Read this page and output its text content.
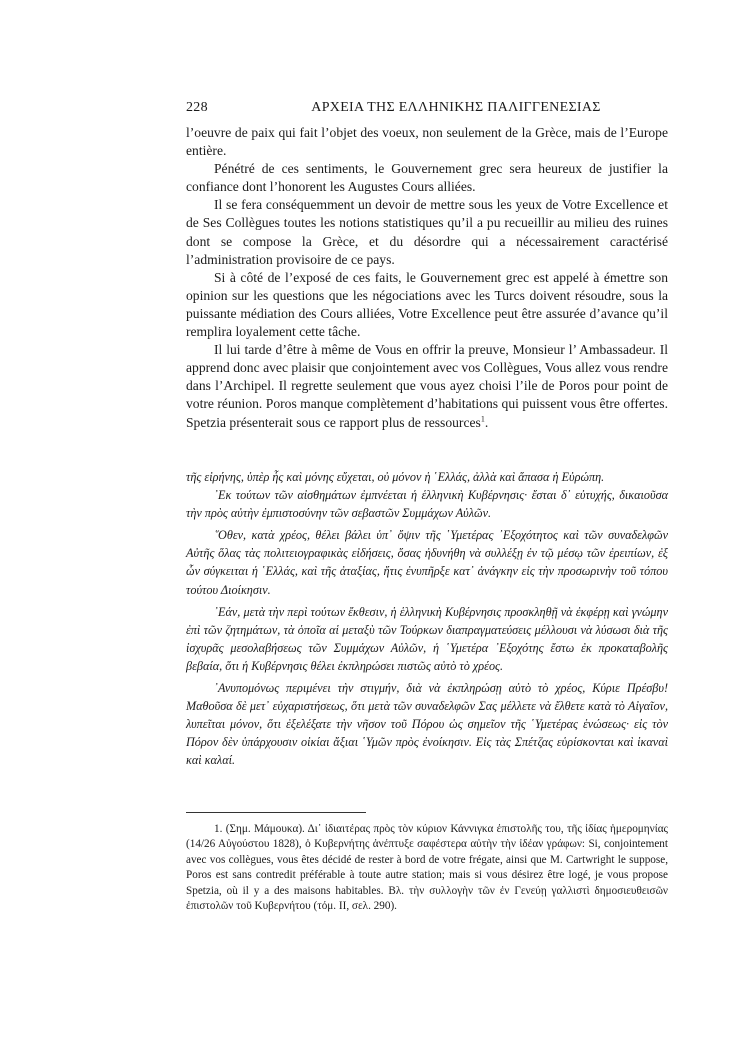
228	ΑΡΧΕΙΑ ΤΗΣ ΕΛΛΗΝΙΚΗΣ ΠΑΛΙΓΓΕΝΕΣΙΑΣ

l’oeuvre de paix qui fait l’objet des voeux, non seulement de la Grèce, mais de l’Europe entière.

Pénétré de ces sentiments, le Gouvernement grec sera heureux de justifier la confiance dont l’honorent les Augustes Cours alliées.

Il se fera conséquemment un devoir de mettre sous les yeux de Votre Excellence et de Ses Collègues toutes les notions statistiques qu’il a pu recueillir au milieu des ruines dont se compose la Grèce, et du désordre qui a nécessairement caractérisé l’administration provisoire de ce pays.

Si à côté de l’exposé de ces faits, le Gouvernement grec est appelé à émettre son opinion sur les questions que les négociations avec les Turcs doivent résoudre, sous la puissante médiation des Cours alliées, Votre Excellence peut être assurée d’avance qu’il remplira loyalement cette tâche.

Il lui tarde d’être à même de Vous en offrir la preuve, Monsieur l’ Ambassadeur. Il apprend donc avec plaisir que conjointement avec vos Collègues, Vous allez vous rendre dans l’Archipel. Il regrette seulement que vous ayez choisi l’ile de Poros pour point de votre réunion. Poros manque complètement d’habitations qui puissent vous être offertes. Spetzia présenterait sous ce rapport plus de ressources$^1$.

τῆς εἰρήνης, ὑπὲρ ἧς καὶ μόνης εὔχεται, οὐ μόνον ἡ ῾Ελλάς, ἀλλὰ καὶ ἅπασα ἡ Εὐρώπη.

᾿Εκ τούτων τῶν αἰσθημάτων ἐμπνέεται ἡ ἑλληνικὴ Κυβέρνησις· ἔσται δ᾿ εὐτυχής, δικαιοῦσα τὴν πρὸς αὐτὴν ἐμπιστοσύνην τῶν σεβαστῶν Συμμάχων Αὐλῶν.

῞Οθεν, κατὰ χρέος, θέλει βάλει ὑπ᾿ ὄψιν τῆς ῾Υμετέρας ᾿Εξοχότητος καὶ τῶν συναδελφῶν Αὐτῆς ὅλας τὰς πολιτειογραφικὰς εἰδήσεις, ὅσας ἠδυνήθη νὰ συλλέξῃ ἐν τῷ μέσῳ τῶν ἐρειπίων, ἐξ ὧν σύγκειται ἡ ῾Ελλάς, καὶ τῆς ἀταξίας, ἥτις ἐνυπῆρξε κατ᾿ ἀνάγκην εἰς τὴν προσωρινὴν τοῦ τόπου τούτου Διοίκησιν.

᾿Εάν, μετὰ τὴν περὶ τούτων ἔκθεσιν, ἡ ἑλληνικὴ Κυβέρνησις προσκληθῇ νὰ ἐκφέρῃ καὶ γνώμην ἐπὶ τῶν ζητημάτων, τὰ ὁποῖα αἱ μεταξὺ τῶν Τούρκων διαπραγματεύσεις μέλλουσι νὰ λύσωσι διὰ τῆς ἰσχυρᾶς μεσολαβήσεως τῶν Συμμάχων Αὐλῶν, ἡ ῾Υμετέρα ᾿Εξοχότης ἔστω ἐκ προκαταβολῆς βεβαία, ὅτι ἡ Κυβέρνησις θέλει ἐκπληρώσει πιστῶς αὐτὸ τὸ χρέος.

᾿Ανυπομόνως περιμένει τὴν στιγμήν, διὰ νὰ ἐκπληρώσῃ αὐτὸ τὸ χρέος, Κύριε Πρέσβυ! Μαθοῦσα δὲ μετ᾿ εὐχαριστήσεως, ὅτι μετὰ τῶν συναδελφῶν Σας μέλλετε νὰ ἔλθετε κατὰ τὸ Αἰγαῖον, λυπεῖται μόνον, ὅτι ἐξελέξατε τὴν νῆσον τοῦ Πόρου ὡς σημεῖον τῆς ῾Υμετέρας ἑνώσεως· εἰς τὸν Πόρον δὲν ὑπάρχουσιν οἰκίαι ἄξιαι ῾Υμῶν πρὸς ἐνοίκησιν. Εἰς τὰς Σπέτζας εὑρίσκονται καὶ ἱκαναὶ καὶ καλαί.

1. (Σημ. Μάμουκα). Δι᾿ ἰδιαιτέρας πρὸς τὸν κύριον Κάννιγκα ἐπιστολῆς του, τῆς ἰδίας ἡμερομηνίας (14/26 Αὐγούστου 1828), ὁ Κυβερνήτης ἀνέπτυξε σαφέστερα αὐτὴν τὴν ἰδέαν γράφων: Si, conjointement avec vos collègues, vous êtes décidé de rester à bord de votre frégate, ainsi que M. Cartwright le suppose, Poros est sans contredit préférable à toute autre station; mais si vous désirez être logé, je vous propose Spetzia, où il y a des maisons habitables. Βλ. τὴν συλλογὴν τῶν ἐν Γενεύῃ γαλλιστὶ δημοσιευθεισῶν ἐπιστολῶν τοῦ Κυβερνήτου (τόμ. II, σελ. 290).
